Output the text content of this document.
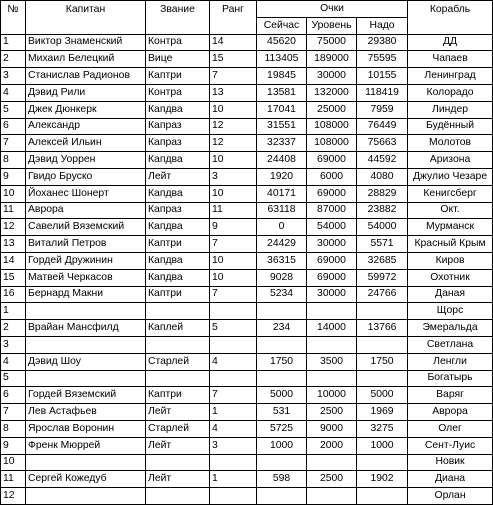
№	Капитан	Звание	Ранг	Очки			Корабль
				Сейчас	Уровень	Надо	
1	Виктор Знаменский	Контра	14	45620	75000	29380	ДД
2	Михаил Белецкий	Вице	15	113405	189000	75595	Чапаев
3	Станислав Радионов	Каптри	7	19845	30000	10155	Ленинград
4	Дэвид Рили	Контра	13	13581	132000	118419	Колорадо
5	Джек Дюнкерк	Капдва	10	17041	25000	7959	Линдер
6	Александр	Капраз	12	31551	108000	76449	Будённый
7	Алексей Ильин	Капраз	12	32337	108000	75663	Молотов
8	Дэвид Уоррен	Капдва	10	24408	69000	44592	Аризона
9	Гвидо Бруско	Лейт	3	1920	6000	4080	Джулио Чезаре
10	Йоханес Шонерт	Капдва	10	40171	69000	28829	Кенигсберг
11	Аврора	Капраз	11	63118	87000	23882	Окт.
12	Савелий Вяземский	Капдва	9	0	54000	54000	Мурманск
13	Виталий Петров	Каптри	7	24429	30000	5571	Красный Крым
14	Гордей Дружинин	Капдва	10	36315	69000	32685	Киров
15	Матвей Черкасов	Капдва	10	9028	69000	59972	Охотник
16	Бернард Макни	Каптри	7	5234	30000	24766	Даная
1							Щорс
2	Врайан Мансфилд	Каплей	5	234	14000	13766	Эмеральда
3							Светлана
4	Дэвид Шоу	Старлей	4	1750	3500	1750	Ленгли
5							Богатырь
6	Гордей Вяземский	Каптри	7	5000	10000	5000	Варяг
7	Лев Астафьев	Лейт	1	531	2500	1969	Аврора
8	Ярослав Воронин	Старлей	4	5725	9000	3275	Олег
9	Френк Мюррей	Лейт	3	1000	2000	1000	Сент-Луис
10							Новик
11	Сергей Кожедуб	Лейт	1	598	2500	1902	Диана
12							Орлан
